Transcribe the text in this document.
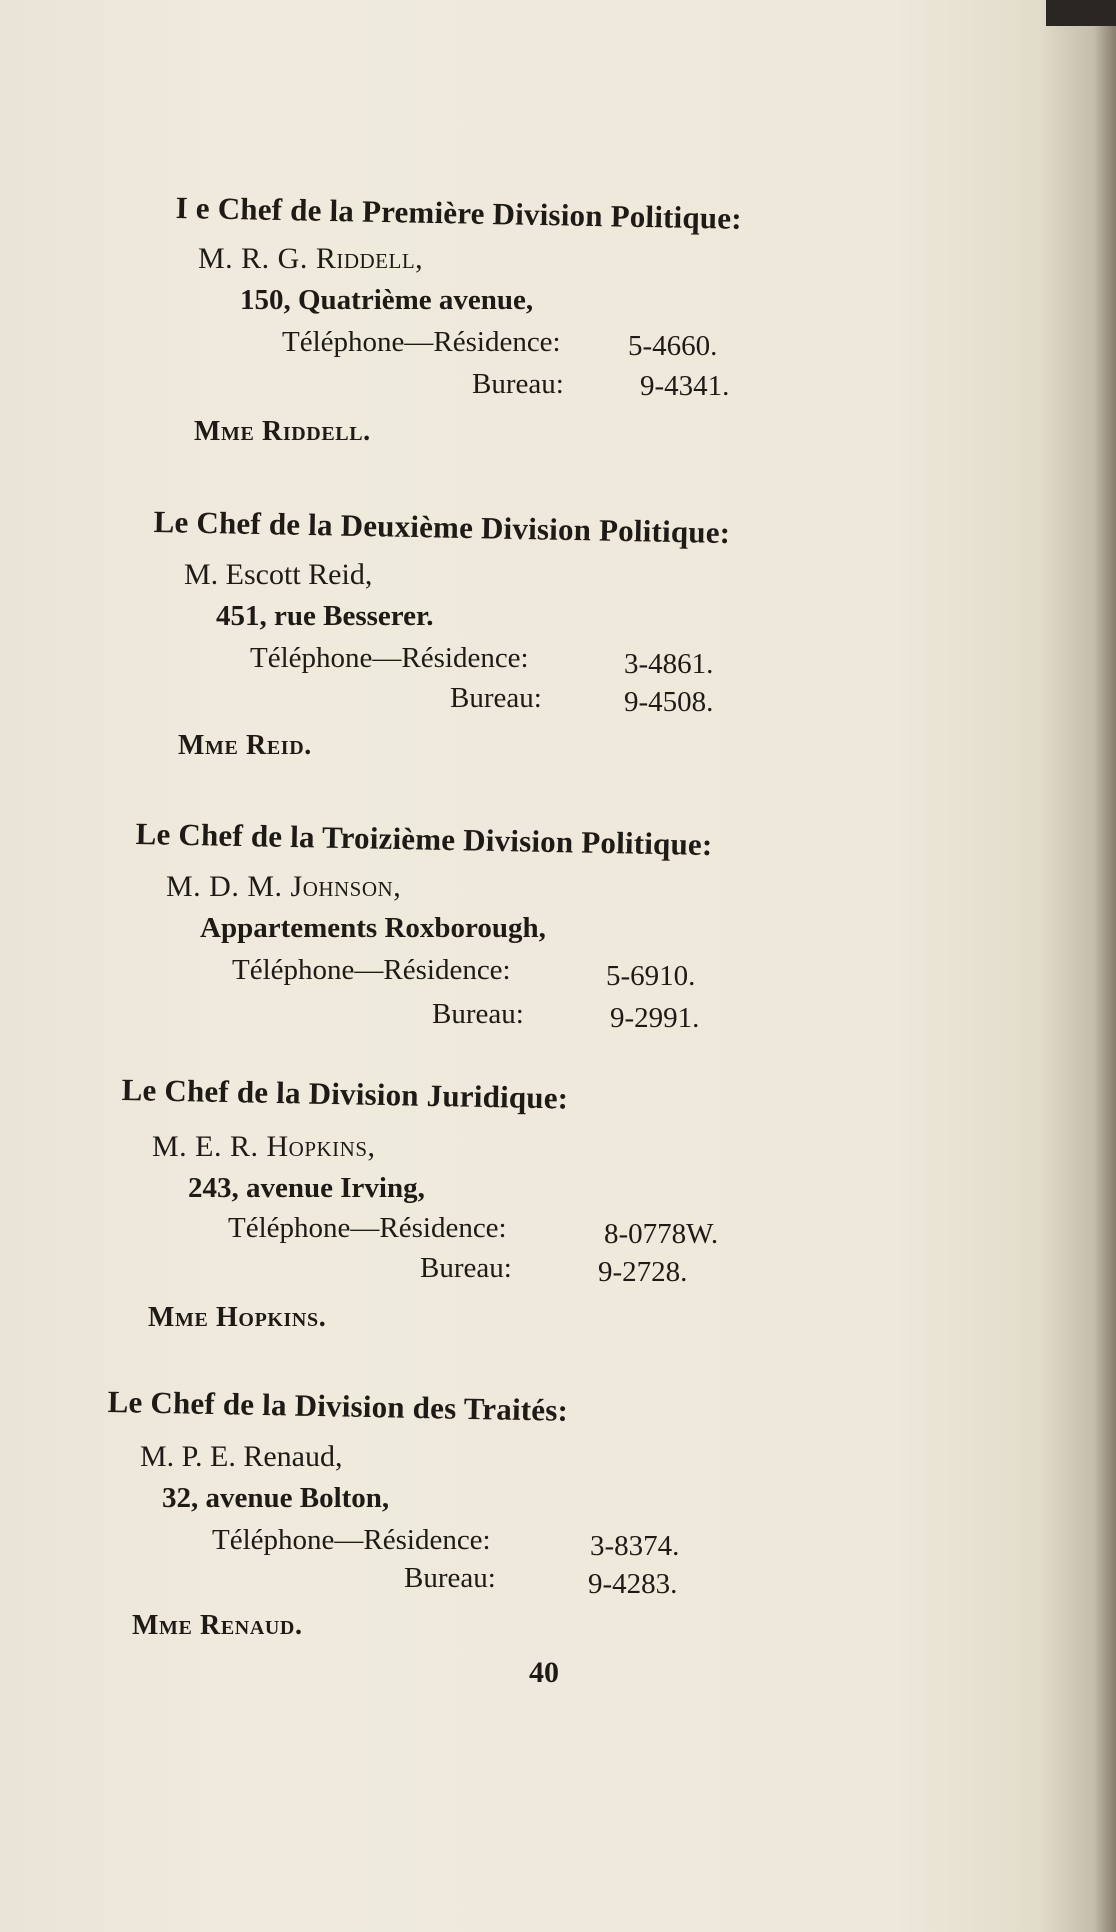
I e Chef de la Première Division Politique:
M. R. G. Riddell,
150, Quatrième avenue,
Téléphone—Résidence: 5-4660.
Bureau:	9-4341.
Mme Riddell.
Le Chef de la Deuxième Division Politique:
M. Escott Reid,
451, rue Besserer.
Téléphone—Résidence:	3-4861.
Bureau:	9-4508.
Mme Reid.
Le Chef de la Troizième Division Politique:
M. D. M. Johnson,
Appartements Roxborough,
Téléphone—Résidence:	5-6910.
Bureau:	9-2991.
Le Chef de la Division Juridique:
M. E. R. Hopkins,
243, avenue Irving,
Téléphone—Résidence:	8-0778W.
Bureau:	9-2728.
Mme Hopkins.
Le Chef de la Division des Traités:
M. P. E. Renaud,
32, avenue Bolton,
Téléphone—Résidence:	3-8374.
Bureau:	9-4283.
Mme Renaud.
40
